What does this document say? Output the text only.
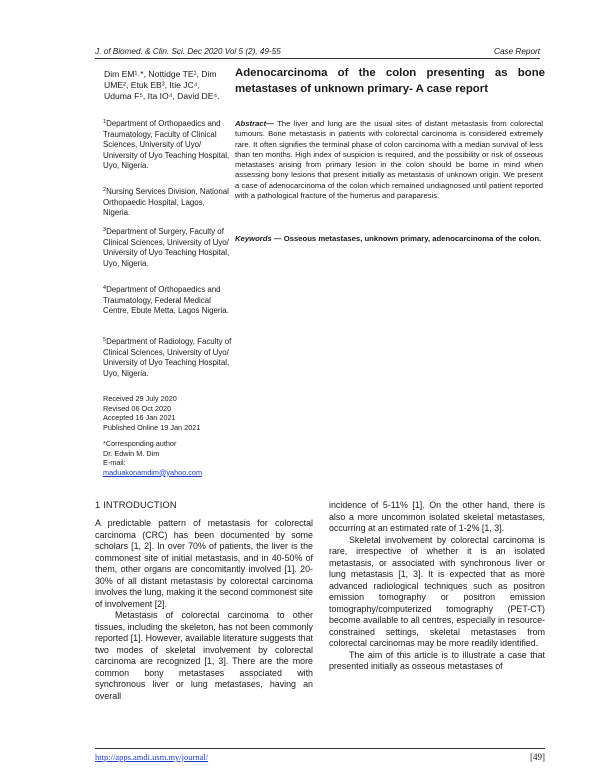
J. of Biomed. & Clin. Sci. Dec 2020 Vol 5 (2), 49-55	Case Report
Dim EM¹˒*, Nottidge TE¹, Dim
UME², Etuk EB³, Itie JC⁴,
Uduma F⁵, Ita IO⁴, David DE⁴.
Adenocarcinoma of the colon presenting as bone metastases of unknown primary- A case report
$^1$Department of Orthopaedics and Traumatology, Faculty of Clinical Sciences, University of Uyo/ University of Uyo Teaching Hospital, Uyo, Nigeria.
$^2$Nursing Services Division, National Orthopaedic Hospital, Lagos, Nigeria.
$^3$Department of Surgery, Faculty of Clinical Sciences, University of Uyo/ University of Uyo Teaching Hospital, Uyo, Nigeria.
$^4$Department of Orthopaedics and Traumatology, Federal Medical Centre, Ebute Metta, Lagos Nigeria.
$^5$Department of Radiology, Faculty of Clinical Sciences, University of Uyo/ University of Uyo Teaching Hospital, Uyo, Nigeria.
Received 29 July 2020
Revised 06 Oct 2020
Accepted 16 Jan 2021
Published Online 19 Jan 2021
*Corresponding author
Dr. Edwin M. Dim
E-mail:
maduakonamdim@yahoo.com
Abstract— The liver and lung are the usual sites of distant metastasis from colorectal tumours. Bone metastasis in patients with colorectal carcinoma is considered extremely rare. It often signifies the terminal phase of colon carcinoma with a median survival of less than ten months. High index of suspicion is required, and the possibility or risk of osseous metastases arising from primary lesion in the colon should be borne in mind when assessing bony lesions that present initially as metastasis of unknown origin. We present a case of adenocarcinoma of the colon which remained undiagnosed until patient reported with a pathological fracture of the humerus and paraparesis.
Keywords — Osseous metastases, unknown primary, adenocarcinoma of the colon.
1 INTRODUCTION

A predictable pattern of metastasis for colorectal carcinoma (CRC) has been documented by some scholars [1, 2]. In over 70% of patients, the liver is the commonest site of initial metastasis, and in 40-50% of them, other organs are concomitantly involved [1]. 20-30% of all distant metastasis by colorectal carcinoma involves the lung, making it the second commonest site of involvement [2].

Metastasis of colorectal carcinoma to other tissues, including the skeleton, has not been commonly reported [1]. However, available literature suggests that two modes of skeletal involvement by colorectal carcinoma are recognized [1, 3]. There are the more common bony metastases associated with synchronous liver or lung metastases, having an overall

incidence of 5-11% [1]. On the other hand, there is also a more uncommon isolated skeletal metastases, occurring at an estimated rate of 1-2% [1, 3].

Skeletal involvement by colorectal carcinoma is rare, irrespective of whether it is an isolated metastasis, or associated with synchronous liver or lung metastasis [1, 3]. It is expected that as more advanced radiological techniques such as positron emission tomography or positron emission tomography/computerized tomography (PET-CT) become available to all centres, especially in resource-constrained settings, skeletal metastases from colorectal carcinomas may be more readily identified.

The aim of this article is to illustrate a case that presented initially as osseous metastases of

http://apps.amdi.usm.my/journal/	[49]
